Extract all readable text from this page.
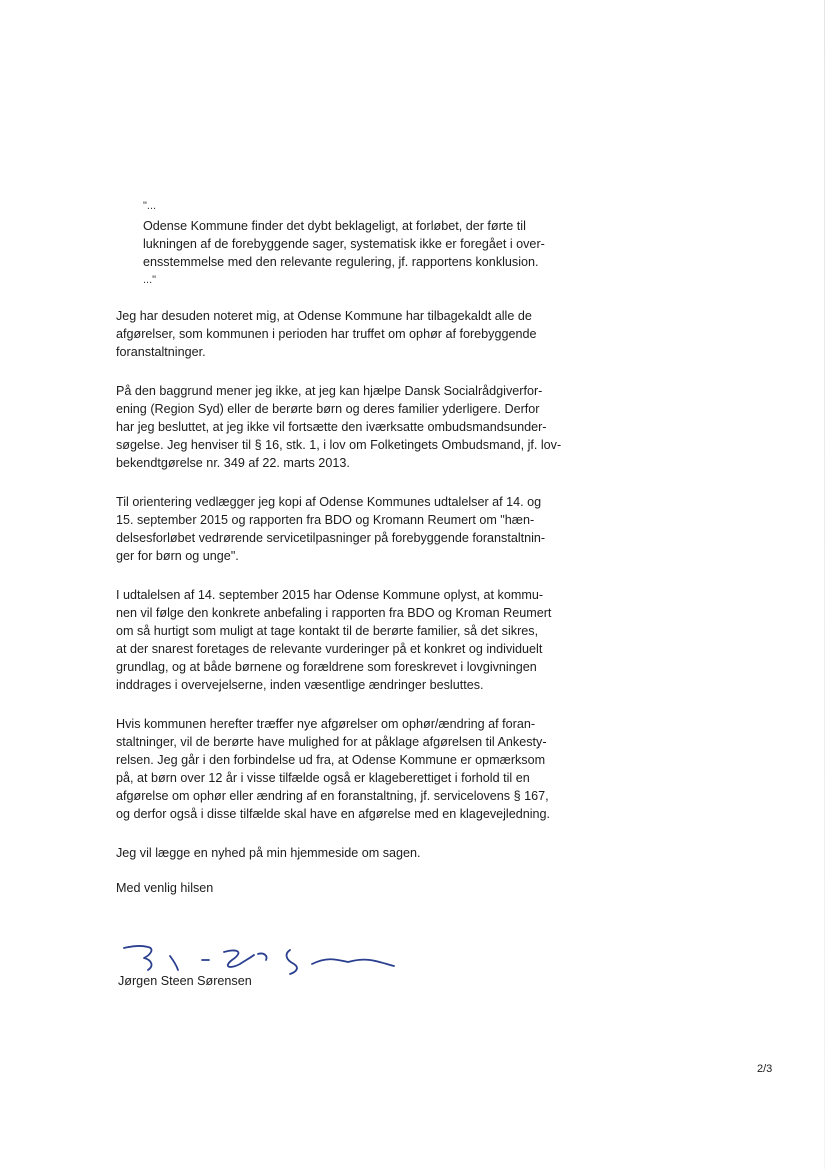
"...
Odense Kommune finder det dybt beklageligt, at forløbet, der førte til
lukningen af de forebyggende sager, systematisk ikke er foregået i over-
ensstemmelse med den relevante regulering, jf. rapportens konklusion.
..."
Jeg har desuden noteret mig, at Odense Kommune har tilbagekaldt alle de
afgørelser, som kommunen i perioden har truffet om ophør af forebyggende
foranstaltninger.
På den baggrund mener jeg ikke, at jeg kan hjælpe Dansk Socialrådgiverfor-
ening (Region Syd) eller de berørte børn og deres familier yderligere. Derfor
har jeg besluttet, at jeg ikke vil fortsætte den iværksatte ombudsmandsunder-
søgelse. Jeg henviser til § 16, stk. 1, i lov om Folketingets Ombudsmand, jf. lov-
bekendtgørelse nr. 349 af 22. marts 2013.
Til orientering vedlægger jeg kopi af Odense Kommunes udtalelser af 14. og
15. september 2015 og rapporten fra BDO og Kromann Reumert om "hæn-
delsesforløbet vedrørende servicetilpasninger på forebyggende foranstaltnin-
ger for børn og unge".
I udtalelsen af 14. september 2015 har Odense Kommune oplyst, at kommu-
nen vil følge den konkrete anbefaling i rapporten fra BDO og Kroman Reumert
om så hurtigt som muligt at tage kontakt til de berørte familier, så det sikres,
at der snarest foretages de relevante vurderinger på et konkret og individuelt
grundlag, og at både børnene og forældrene som foreskrevet i lovgivningen
inddrages i overvejelserne, inden væsentlige ændringer besluttes.
Hvis kommunen herefter træffer nye afgørelser om ophør/ændring af foran-
staltninger, vil de berørte have mulighed for at påklage afgørelsen til Ankesty-
relsen. Jeg går i den forbindelse ud fra, at Odense Kommune er opmærksom
på, at børn over 12 år i visse tilfælde også er klageberettiget i forhold til en
afgørelse om ophør eller ændring af en foranstaltning, jf. servicelovens § 167,
og derfor også i disse tilfælde skal have en afgørelse med en klagevejledning.
Jeg vil lægge en nyhed på min hjemmeside om sagen.
Med venlig hilsen
Jørgen Steen Sørensen
2/3
